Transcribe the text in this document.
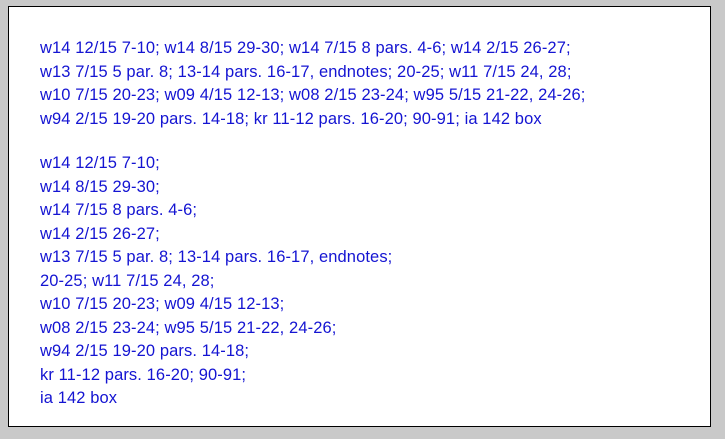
w14 12/15 7-10; w14 8/15 29-30; w14 7/15 8 pars. 4-6; w14 2/15 26-27;
w13 7/15 5 par. 8; 13-14 pars. 16-17, endnotes; 20-25; w11 7/15 24, 28;
w10 7/15 20-23; w09 4/15 12-13; w08 2/15 23-24; w95 5/15 21-22, 24-26;
w94 2/15 19-20 pars. 14-18; kr 11-12 pars. 16-20; 90-91; ia 142 box
w14 12/15 7-10;
w14 8/15 29-30;
w14 7/15 8 pars. 4-6;
w14 2/15 26-27;
w13 7/15 5 par. 8; 13-14 pars. 16-17, endnotes;
20-25; w11 7/15 24, 28;
w10 7/15 20-23; w09 4/15 12-13;
w08 2/15 23-24; w95 5/15 21-22, 24-26;
w94 2/15 19-20 pars. 14-18;
kr 11-12 pars. 16-20; 90-91;
ia 142 box
